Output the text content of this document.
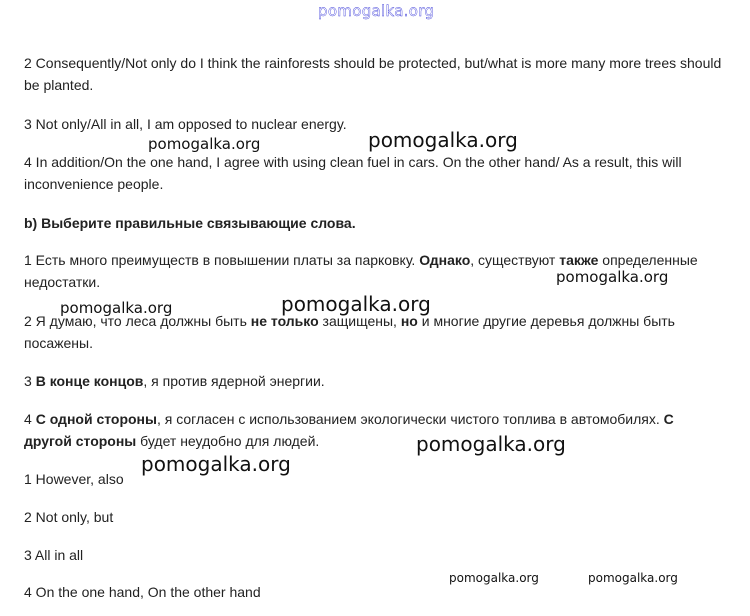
pomogalka.org
pomogalka.org
pomogalka.org
pomogalka.org
pomogalka.org	pomogalka.org
pomogalka.org
pomogalka.org
pomogalka.org	pomogalka.org

2 Consequently/Not only do I think the rainforests should be protected, but/what is more many more trees should be planted.

3 Not only/All in all, I am opposed to nuclear energy.

4 In addition/On the one hand, I agree with using clean fuel in cars. On the other hand/ As a result, this will inconvenience people.

b) Выберите правильные связывающие слова.

1 Есть много преимуществ в повышении платы за парковку. Однако, существуют также определенные недостатки.

2 Я думаю, что леса должны быть не только защищены, но и многие другие деревья должны быть посажены.

3 В конце концов, я против ядерной энергии.

4 С одной стороны, я согласен с использованием экологически чистого топлива в автомобилях. С другой стороны будет неудобно для людей.

1 However, also

2 Not only, but

3 All in all

4 On the one hand, On the other hand
